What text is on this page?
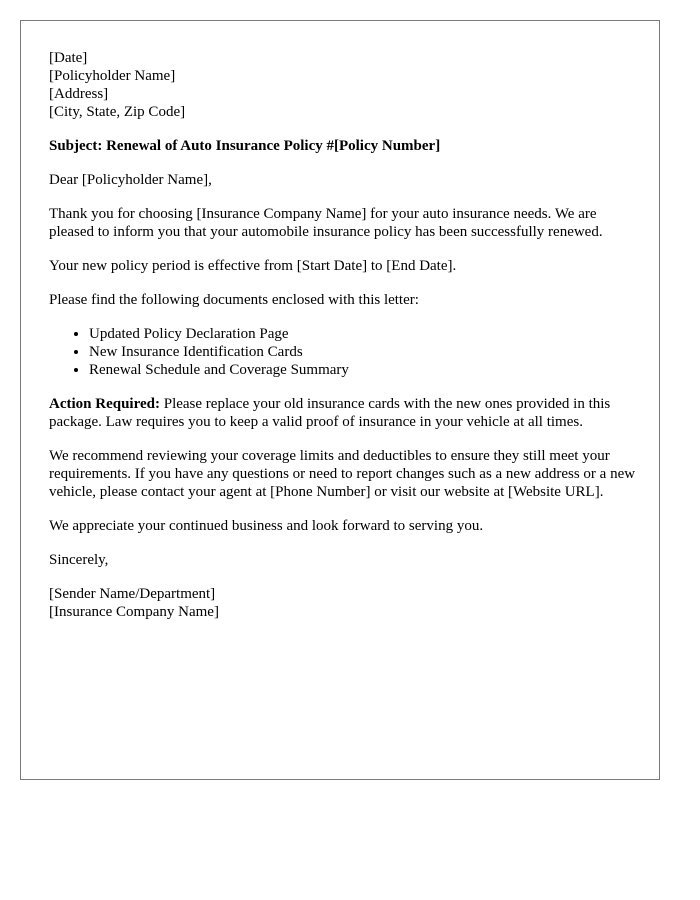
[Date]
[Policyholder Name]
[Address]
[City, State, Zip Code]

Subject: Renewal of Auto Insurance Policy #[Policy Number]

Dear [Policyholder Name],

Thank you for choosing [Insurance Company Name] for your auto insurance needs. We are pleased to inform you that your automobile insurance policy has been successfully renewed.

Your new policy period is effective from [Start Date] to [End Date].

Please find the following documents enclosed with this letter:

• Updated Policy Declaration Page
• New Insurance Identification Cards
• Renewal Schedule and Coverage Summary

Action Required: Please replace your old insurance cards with the new ones provided in this package. Law requires you to keep a valid proof of insurance in your vehicle at all times.

We recommend reviewing your coverage limits and deductibles to ensure they still meet your requirements. If you have any questions or need to report changes such as a new address or a new vehicle, please contact your agent at [Phone Number] or visit our website at [Website URL].

We appreciate your continued business and look forward to serving you.

Sincerely,

[Sender Name/Department]
[Insurance Company Name]
